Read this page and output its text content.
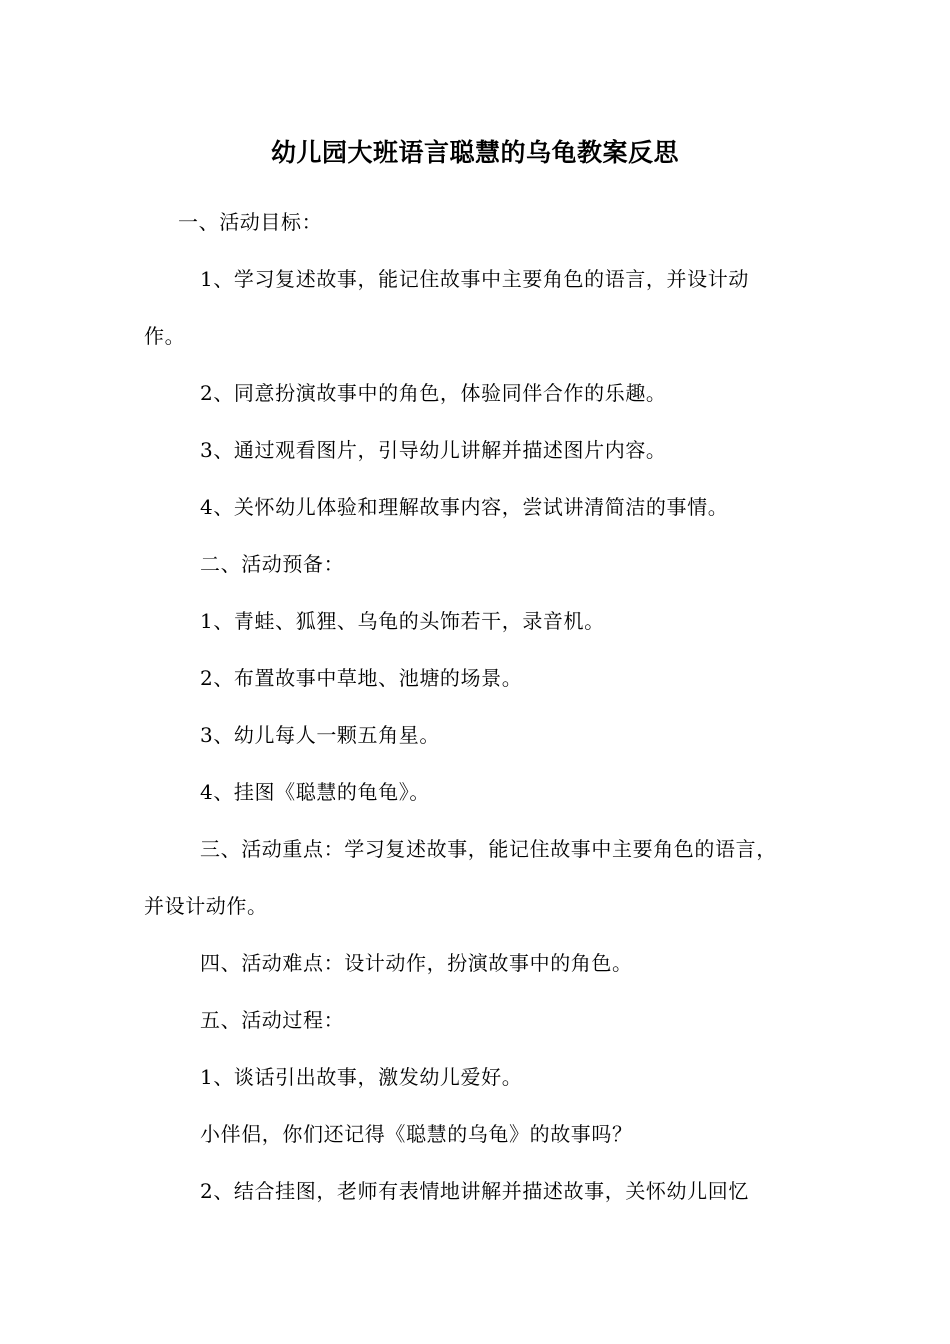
幼儿园大班语言聪慧的乌龟教案反思
一、活动目标：
1、学习复述故事，能记住故事中主要角色的语言，并设计动
作。
2、同意扮演故事中的角色，体验同伴合作的乐趣。
3、通过观看图片，引导幼儿讲解并描述图片内容。
4、关怀幼儿体验和理解故事内容，尝试讲清简洁的事情。
二、活动预备：
1、青蛙、狐狸、乌龟的头饰若干，录音机。
2、布置故事中草地、池塘的场景。
3、幼儿每人一颗五角星。
4、挂图《聪慧的龟龟》。
三、活动重点：学习复述故事，能记住故事中主要角色的语言，
并设计动作。
四、活动难点：设计动作，扮演故事中的角色。
五、活动过程：
1、谈话引出故事，激发幼儿爱好。
小伴侣，你们还记得《聪慧的乌龟》的故事吗？
2、结合挂图，老师有表情地讲解并描述故事，关怀幼儿回忆
